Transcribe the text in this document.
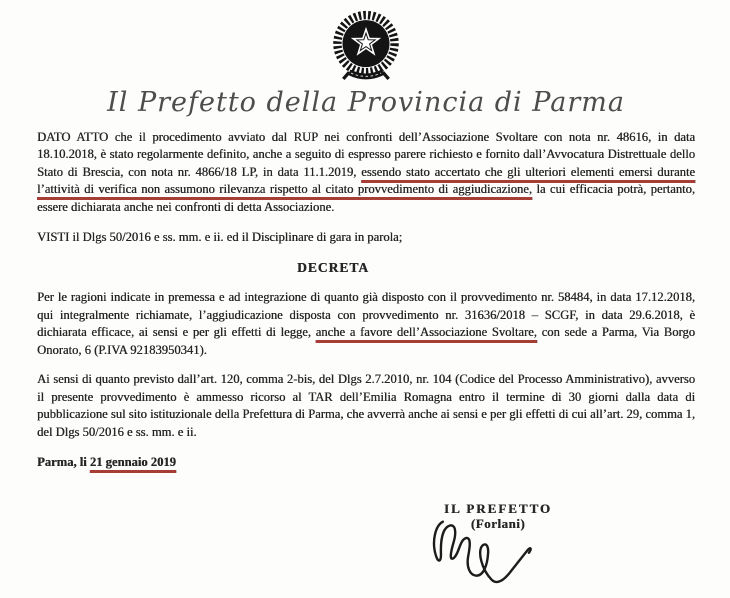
Il Prefetto della Provincia di Parma

DATO ATTO che il procedimento avviato dal RUP nei confronti dell’Associazione Svoltare con nota nr. 48616, in data 18.10.2018, è stato regolarmente definito, anche a seguito di espresso parere richiesto e fornito dall’Avvocatura Distrettuale dello Stato di Brescia, con nota nr. 4866/18 LP, in data 11.1.2019, essendo stato accertato che gli ulteriori elementi emersi durante l’attività di verifica non assumono rilevanza rispetto al citato provvedimento di aggiudicazione, la cui efficacia potrà, pertanto, essere dichiarata anche nei confronti di detta Associazione.

VISTI il Dlgs 50/2016 e ss. mm. e ii. ed il Disciplinare di gara in parola;

DECRETA

Per le ragioni indicate in premessa e ad integrazione di quanto già disposto con il provvedimento nr. 58484, in data 17.12.2018, qui integralmente richiamate, l’aggiudicazione disposta con provvedimento nr. 31636/2018 – SCGF, in data 29.6.2018, è dichiarata efficace, ai sensi e per gli effetti di legge, anche a favore dell’Associazione Svoltare, con sede a Parma, Via Borgo Onorato, 6 (P.IVA 92183950341).

Ai sensi di quanto previsto dall’art. 120, comma 2-bis, del Dlgs 2.7.2010, nr. 104 (Codice del Processo Amministrativo), avverso il presente provvedimento è ammesso ricorso al TAR dell’Emilia Romagna entro il termine di 30 giorni dalla data di pubblicazione sul sito istituzionale della Prefettura di Parma, che avverrà anche ai sensi e per gli effetti di cui all’art. 29, comma 1, del Dlgs 50/2016 e ss. mm. e ii.

Parma, li 21 gennaio 2019

IL PREFETTO
(Forlani)
